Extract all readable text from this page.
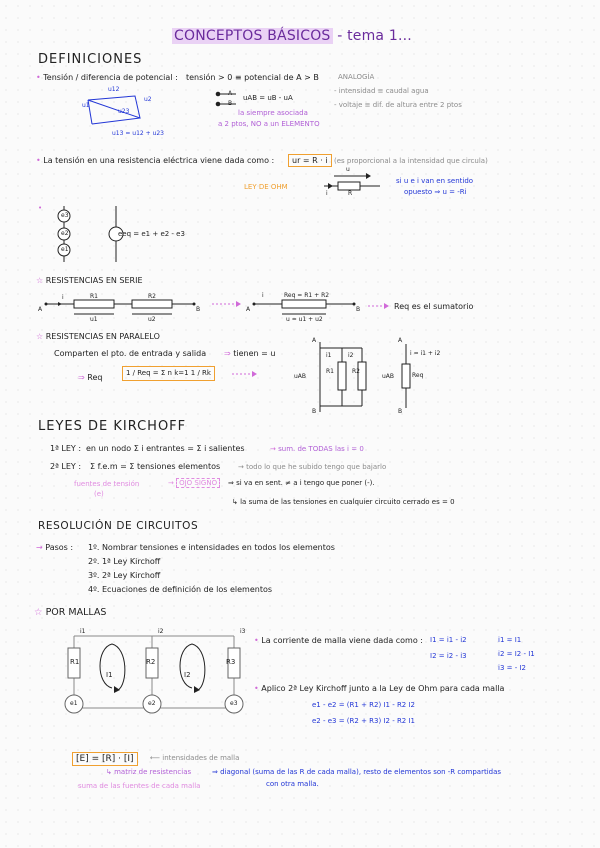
CONCEPTOS BÁSICOS - tema 1...
DEFINICIONES
• Tensión / diferencia de potencial : tensión > 0 ≡ potencial de A > B
u12
u1
u2
u23
u13 = u12 + u23
A
B
uAB = uB - uA
la siempre asociada
a 2 ptos, NO a un ELEMENTO
ANALOGÍA
- intensidad ≡ caudal agua
- voltaje ≡ dif. de altura entre 2 ptos
• La tensión en una resistencia eléctrica viene dada como :	ur = R · i (es proporcional a la intensidad que circula)
LEY DE OHM
u
i	R
si u e i van en sentido
opuesto ⇒ u = -Ri
•
e3
e2
e1
eeq = e1 + e2 - e3
☆ RESISTENCIAS EN SERIE
A
i	R1	R2
u1	u2
B	A
i	Req = R1 + R2
u = u1 + u2
B	Req es el sumatorio
☆ RESISTENCIAS EN PARALELO
Comparten el pto. de entrada y salida ⇒ tienen = u
⇒ Req	1 / Req = Σ n k=1 1 / Rk
A
B
uAB
i1	i2
R1	R2
A
B
i = i1 + i2
Req
uAB
LEYES DE KIRCHOFF
1ª LEY : en un nodo Σ i entrantes = Σ i salientes	→ sum. de TODAS las i = 0
2ª LEY : Σ f.e.m = Σ tensiones elementos	→ todo lo que he subido tengo que bajarlo
fuentes de tensión
(e)
→ OJO SIGNO	⇒ si va en sent. ≠ a i tengo que poner (-).
↳ la suma de las tensiones en cualquier circuito cerrado es = 0
RESOLUCIÓN DE CIRCUITOS
→ Pasos : 1º. Nombrar tensiones e intensidades en todos los elementos
2º. 1ª Ley Kirchoff
3º. 2ª Ley Kirchoff
4º. Ecuaciones de definición de los elementos
☆ POR MALLAS
i1	i2	i3
R1	R2	R3
I1	I2
e1	e2	e3
• La corriente de malla viene dada como : I1 = i1 - i2
I2 = i2 - i3
i1 = I1
i2 = I2 - I1
i3 = - I2
• Aplico 2ª Ley Kirchoff junto a la Ley de Ohm para cada malla
e1 - e2 = (R1 + R2) I1 - R2 I2
e2 - e3 = (R2 + R3) I2 - R2 I1
[E] = [R] · [I]	⟵ intensidades de malla
↳ matriz de resistencias	⇒ diagonal (suma de las R de cada malla), resto de elementos son -R compartidas
con otra malla.
suma de las fuentes de cada malla
